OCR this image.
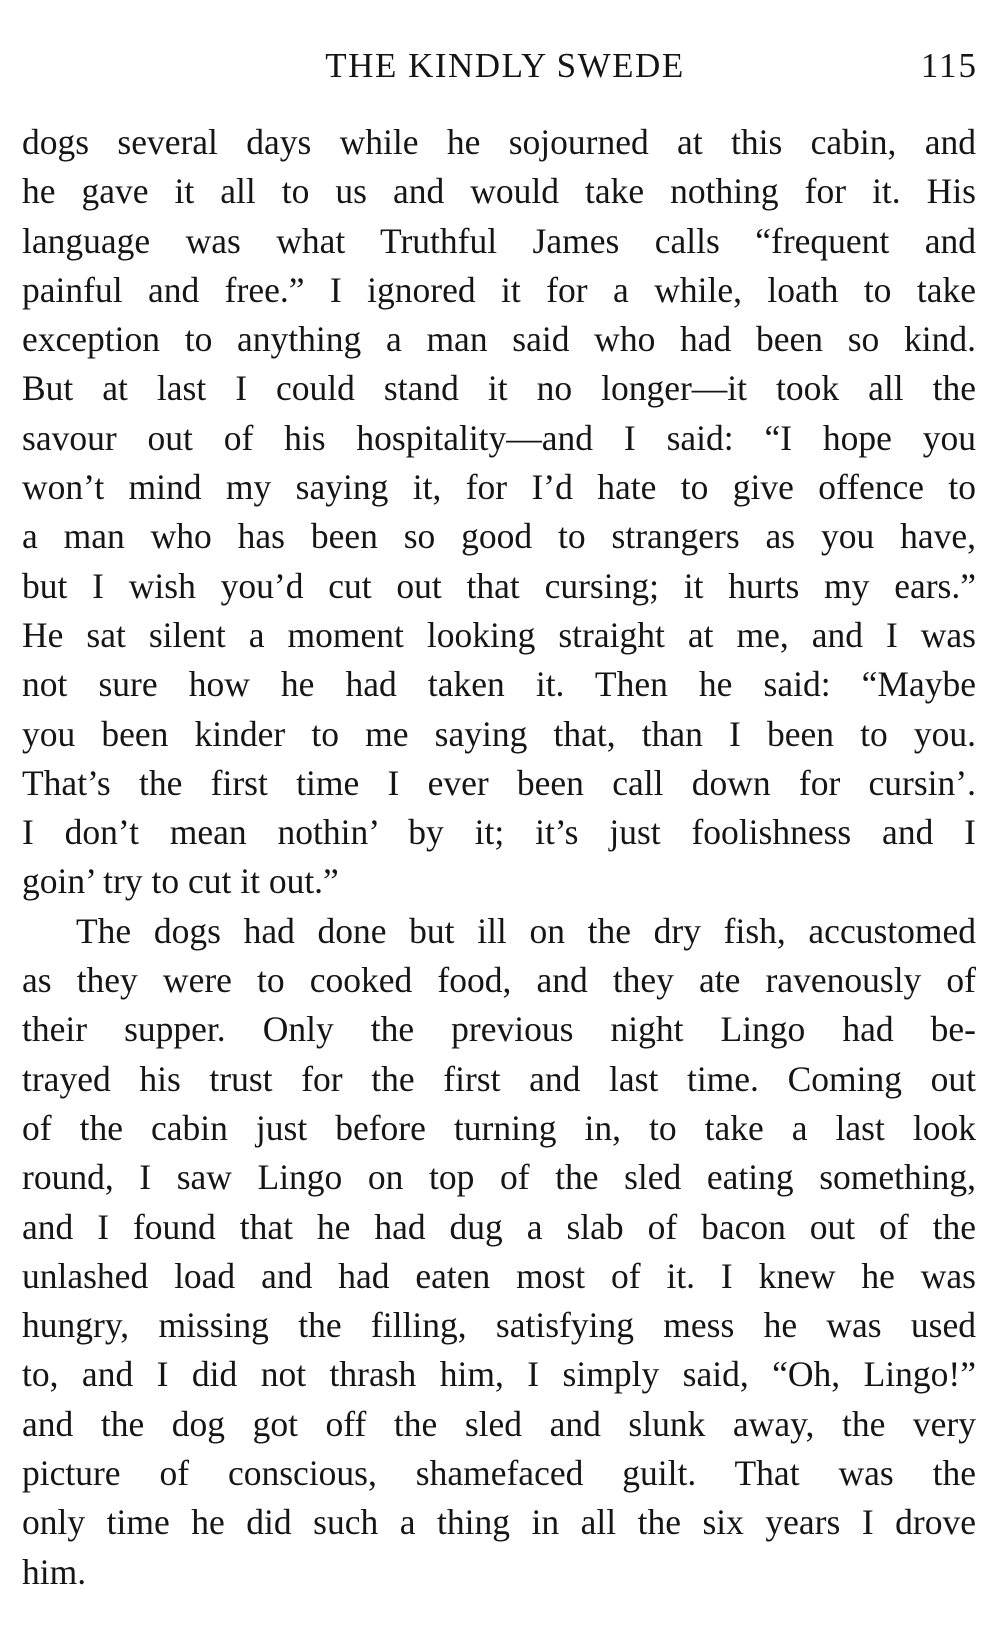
THE KINDLY SWEDE	115
dogs several days while he sojourned at this cabin, and
he gave it all to us and would take nothing for it. His
language was what Truthful James calls “frequent and
painful and free.” I ignored it for a while, loath to take
exception to anything a man said who had been so kind.
But at last I could stand it no longer—it took all the
savour out of his hospitality—and I said: “I hope you
won’t mind my saying it, for I’d hate to give offence to
a man who has been so good to strangers as you have,
but I wish you’d cut out that cursing; it hurts my ears.”
He sat silent a moment looking straight at me, and I was
not sure how he had taken it. Then he said: “Maybe
you been kinder to me saying that, than I been to you.
That’s the first time I ever been call down for cursin’.
I don’t mean nothin’ by it; it’s just foolishness and I
goin’ try to cut it out.”
The dogs had done but ill on the dry fish, accustomed
as they were to cooked food, and they ate ravenously of
their supper. Only the previous night Lingo had be-
trayed his trust for the first and last time. Coming out
of the cabin just before turning in, to take a last look
round, I saw Lingo on top of the sled eating something,
and I found that he had dug a slab of bacon out of the
unlashed load and had eaten most of it. I knew he was
hungry, missing the filling, satisfying mess he was used
to, and I did not thrash him, I simply said, “Oh, Lingo!”
and the dog got off the sled and slunk away, the very
picture of conscious, shamefaced guilt. That was the
only time he did such a thing in all the six years I drove
him.
